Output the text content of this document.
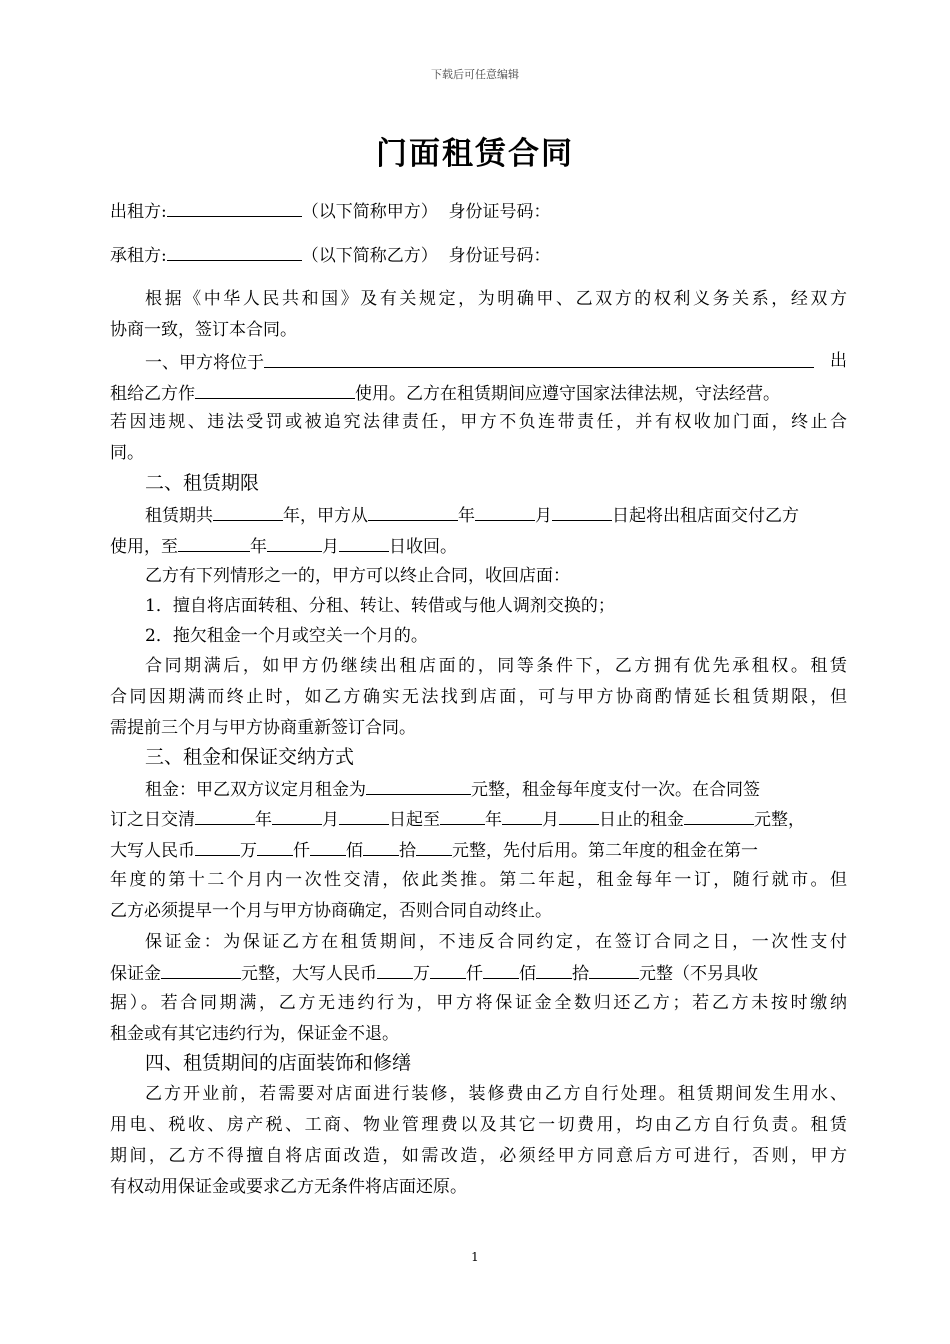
下载后可任意编辑
门面租赁合同
出租方:	（以下简称甲方） 身份证号码：
承租方:	（以下简称乙方） 身份证号码：
根据《中华人民共和国》及有关规定，为明确甲、乙双方的权利义务关系，经双方
协商一致，签订本合同。
一、甲方将位于	出
租给乙方作	使用。乙方在租赁期间应遵守国家法律法规，守法经营。
若因违规、违法受罚或被追究法律责任，甲方不负连带责任，并有权收加门面，终止合
同。
二、租赁期限
租赁期共	年，甲方从	年	月	日起将出租店面交付乙方
使用，至	年	月	日收回。
乙方有下列情形之一的，甲方可以终止合同，收回店面：
1．擅自将店面转租、分租、转让、转借或与他人调剂交换的；
2．拖欠租金一个月或空关一个月的。
合同期满后，如甲方仍继续出租店面的，同等条件下，乙方拥有优先承租权。租赁
合同因期满而终止时，如乙方确实无法找到店面，可与甲方协商酌情延长租赁期限，但
需提前三个月与甲方协商重新签订合同。
三、租金和保证交纳方式
租金：甲乙双方议定月租金为	元整，租金每年度支付一次。在合同签
订之日交清	年	月	日起至	年 月 日止的租金	元整，
大写人民币	万 仟 佰 拾 元整，先付后用。第二年度的租金在第一
年度的第十二个月内一次性交清，依此类推。第二年起，租金每年一订，随行就市。但
乙方必须提早一个月与甲方协商确定，否则合同自动终止。
保证金：为保证乙方在租赁期间，不违反合同约定，在签订合同之日，一次性支付
保证金	元整，大写人民币 万 仟 佰 拾	元整（不另具收
据）。若合同期满，乙方无违约行为，甲方将保证金全数归还乙方；若乙方未按时缴纳
租金或有其它违约行为，保证金不退。
四、租赁期间的店面装饰和修缮
乙方开业前，若需要对店面进行装修，装修费由乙方自行处理。租赁期间发生用水、
用电、税收、房产税、工商、物业管理费以及其它一切费用，均由乙方自行负责。租赁
期间，乙方不得擅自将店面改造，如需改造，必须经甲方同意后方可进行，否则，甲方
有权动用保证金或要求乙方无条件将店面还原。
1
